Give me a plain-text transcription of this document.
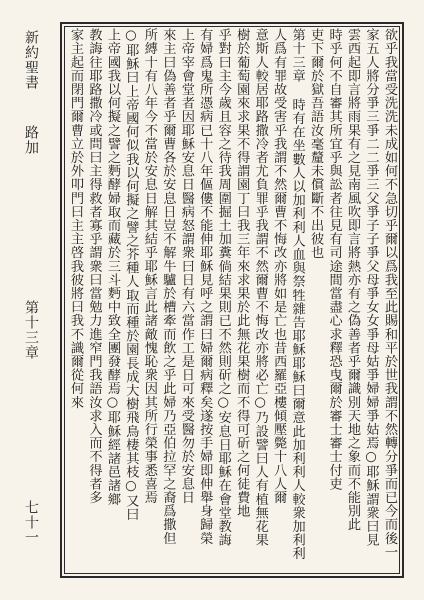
新約聖書
路加
第十三章
七十一	欲乎我當受洗洗未成如何不急切乎爾以爲我至此賜和平於世我謂不然轉分爭而已今而後一
家五人將分爭三爭二二爭三父爭子子爭父母爭女女爭母姑爭婦婦爭姑焉○耶穌謂衆曰見
雲西起即言將雨果有之見南風吹即言將熱亦有之偽善者乎爾識別天地之象而不能別此
時乎何不自審其所宜乎與訟者往見有司途間當盡心求釋恐曳爾於審士審士付吏
吏下爾於獄吾語汝毫釐未償斷不出彼也
第十三章 時有在坐數人以加利利人血與祭牲雜告耶穌耶穌曰爾意此加利利人較衆加利利
人爲有罪故受害乎我謂不然爾曹不悔改亦將如是亡也昔西羅亞樓傾壓斃十八人爾
意斯人較居耶路撒冷者尤負罪乎我謂不然爾曹不悔改亦將必亡○乃設譬曰人有植無花果
樹於葡萄園來求果不得謂園丁曰我三年來求果於此無花果樹而不得可斫之何徒費地
乎對曰主今歲且容之待我周圍掘土加糞倘結果則已不然則斫之○安息日耶穌在會堂教誨
有婦爲鬼所憑病已十八年傴僂不能伸耶穌見呼之謂曰婦爾病釋矣遂按手婦即伸舉身歸榮
上帝宰會堂者因耶穌安息日醫病怒謂衆曰日有六當作工是日可來受醫勿於安息日
來主曰偽善者乎爾曹各於安息日豈不解牛驢於槽牽而飲之乎此婦乃亞伯拉罕之裔爲撒但
所縛十有八年今不當於安息日解其結乎耶穌言此諸敵愧恥衆因其所行榮事悉喜焉
○耶穌曰上帝國何似我以何擬之譬之芥種人取而種於園長成大樹飛鳥棲其枝○又曰
上帝國我以何擬之譬之麪酵婦取而藏於三斗麪中致全團發酵焉○耶穌經諸邑諸鄉
教誨往耶路撒冷或問曰主得救者寡乎謂衆曰當勉力進窄門我語汝求入而不得者多
家主起而閉門爾曹立於外叩門曰主主啓我彼將曰我不識爾從何來
